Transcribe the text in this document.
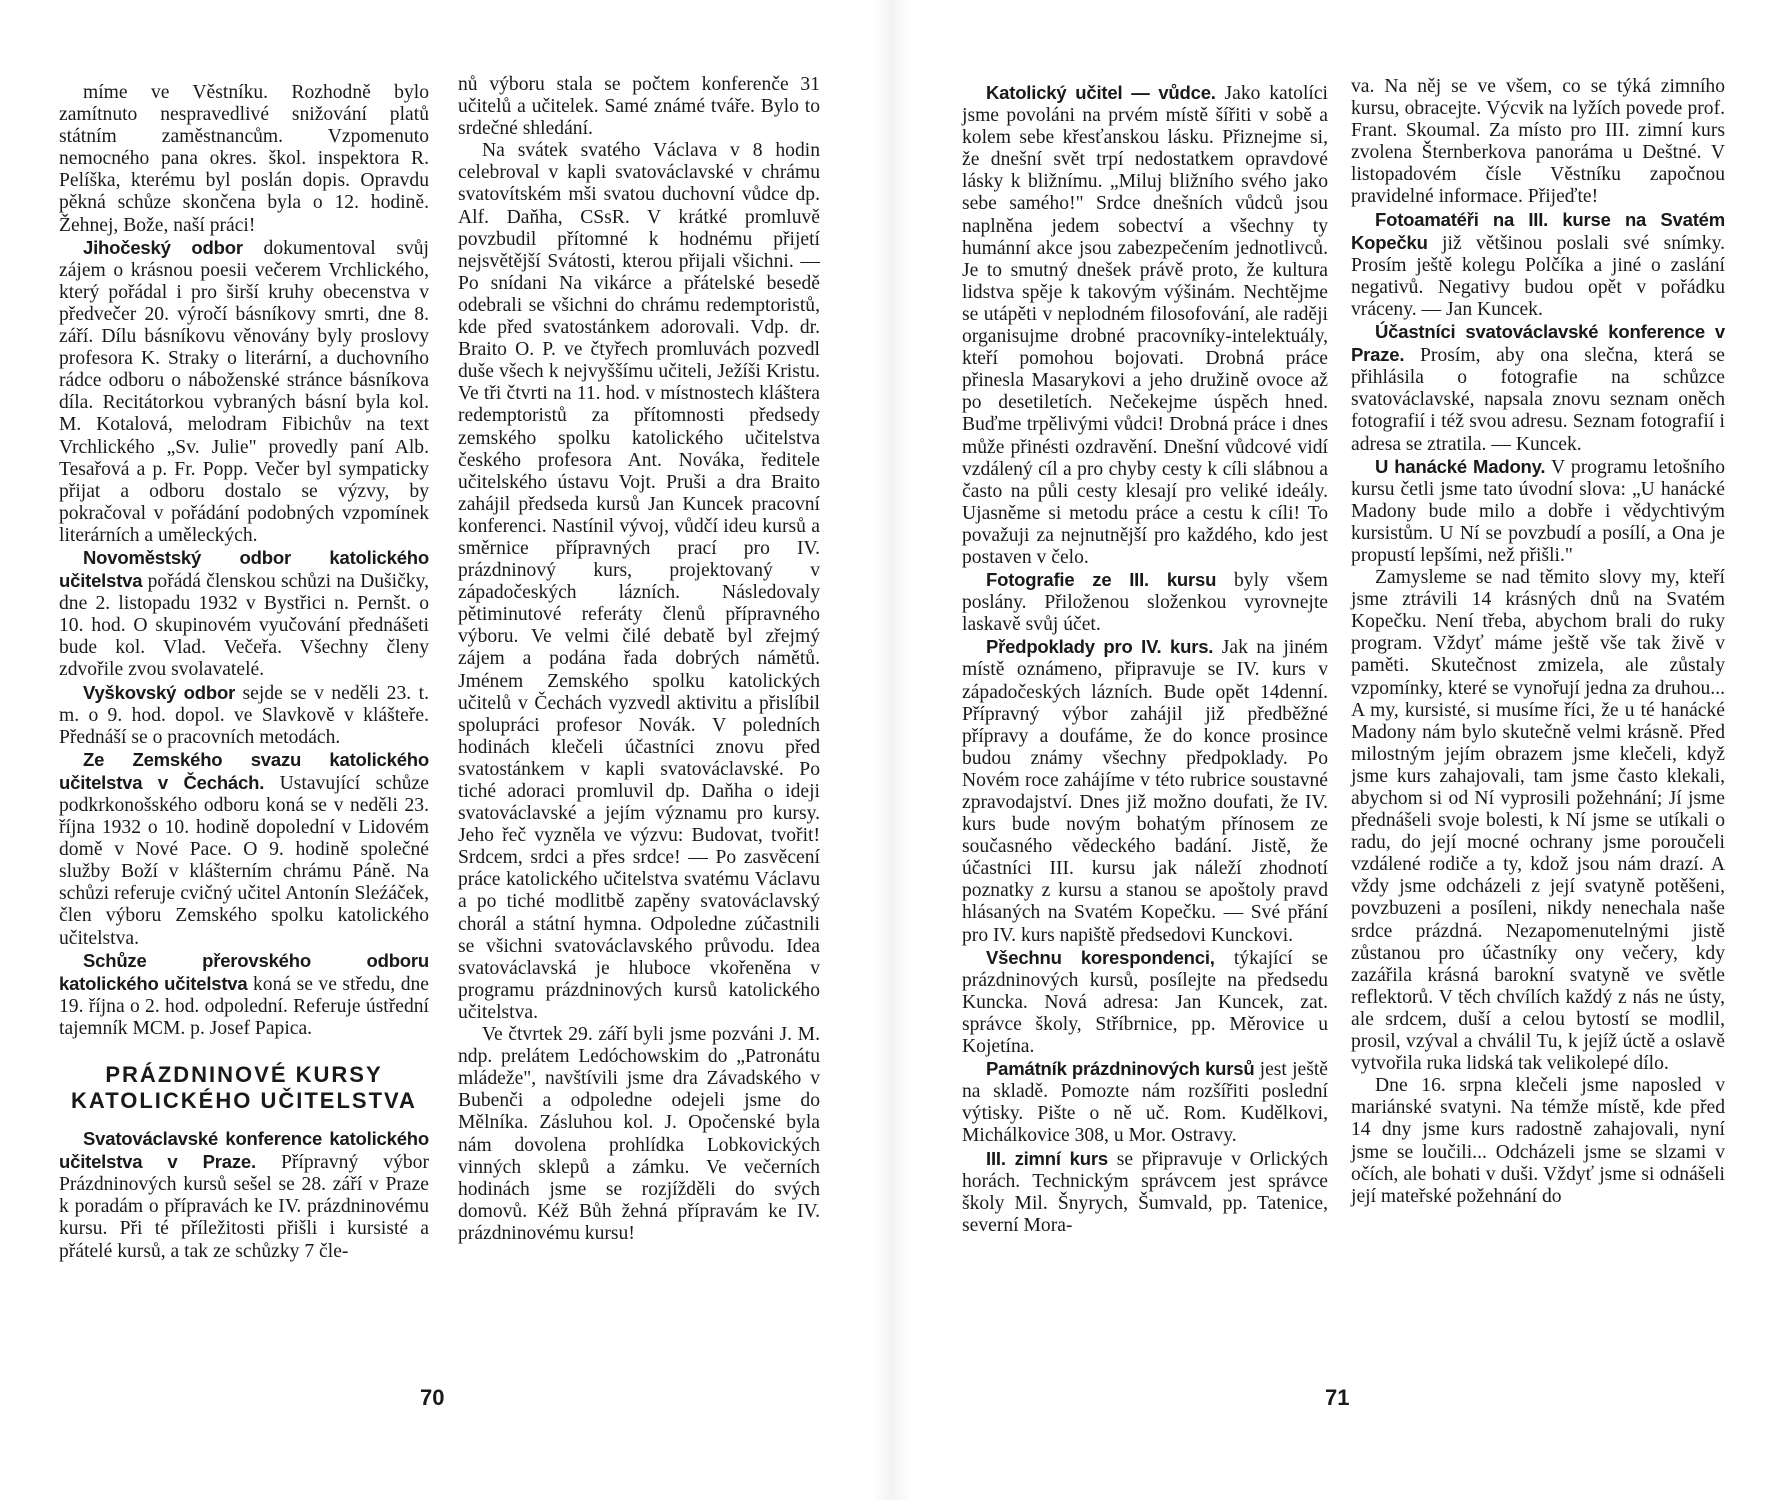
míme ve Věstníku. Rozhodně bylo zamítnuto nespravedlivé snižování platů státním zaměstnancům. Vzpomenuto nemocného pana okres. škol. inspektora R. Pelíška, kterému byl poslán dopis. Opravdu pěkná schůze skončena byla o 12. hodině. Žehnej, Bože, naší práci!

Jihočeský odbor dokumentoval svůj zájem o krásnou poesii večerem Vrchlického, který pořádal i pro širší kruhy obecenstva v předvečer 20. výročí básníkovy smrti, dne 8. září. Dílu básníkovu věnovány byly proslovy profesora K. Straky o literární, a duchovního rádce odboru o náboženské stránce básníkova díla. Recitátorkou vybraných básní byla kol. M. Kotalová, melodram Fibichův na text Vrchlického „Sv. Julie" provedly paní Alb. Tesařová a p. Fr. Popp. Večer byl sympaticky přijat a odboru dostalo se výzvy, by pokračoval v pořádání podobných vzpomínek literárních a uměleckých.

Novoměstský odbor katolického učitelstva pořádá členskou schůzi na Dušičky, dne 2. listopadu 1932 v Bystřici n. Pernšt. o 10. hod. O skupinovém vyučování přednášeti bude kol. Vlad. Večeřa. Všechny členy zdvořile zvou svolavatelé.

Vyškovský odbor sejde se v neděli 23. t. m. o 9. hod. dopol. ve Slavkově v klášteře. Přednáší se o pracovních metodách.

Ze Zemského svazu katolického učitelstva v Čechách. Ustavující schůze podkrkonošského odboru koná se v neděli 23. října 1932 o 10. hodině dopolední v Lidovém domě v Nové Pace. O 9. hodině společné služby Boží v klášterním chrámu Páně. Na schůzi referuje cvičný učitel Antonín Sleźáček, člen výboru Zemského spolku katolického učitelstva.

Schůze přerovského odboru katolického učitelstva koná se ve středu, dne 19. října o 2. hod. odpolední. Referuje ústřední tajemník MCM. p. Josef Papica.

PRÁZDNINOVÉ KURSY
KATOLICKÉHO UČITELSTVA

Svatováclavské konference katolického učitelstva v Praze. Přípravný výbor Prázdninových kursů sešel se 28. září v Praze k poradám o přípravách ke IV. prázdninovému kursu. Při té příležitosti přišli i kursisté a přátelé kursů, a tak ze schůzky 7 čle-

nů výboru stala se počtem konferenče 31 učitelů a učitelek. Samé známé tváře. Bylo to srdečné shledání.

Na svátek svatého Václava v 8 hodin celebroval v kapli svatováclavské v chrámu svatovítském mši svatou duchovní vůdce dp. Alf. Daňha, CSsR. V krátké promluvě povzbudil přítomné k hodnému přijetí nejsvětější Svátosti, kterou přijali všichni. — Po snídani Na vikárce a přátelské besedě odebrali se všichni do chrámu redemptoristů, kde před svatostánkem adorovali. Vdp. dr. Braito O. P. ve čtyřech promluvách pozvedl duše všech k nejvyššímu učiteli, Ježíši Kristu. Ve tři čtvrti na 11. hod. v místnostech kláštera redemptoristů za přítomnosti předsedy zemského spolku katolického učitelstva českého profesora Ant. Nováka, ředitele učitelského ústavu Vojt. Pruši a dra Braito zahájil předseda kursů Jan Kuncek pracovní konferenci. Nastínil vývoj, vůdčí ideu kursů a směrnice přípravných prací pro IV. prázdninový kurs, projektovaný v západočeských lázních. Následovaly pětiminutové referáty členů přípravného výboru. Ve velmi čilé debatě byl zřejmý zájem a podána řada dobrých námětů. Jménem Zemského spolku katolických učitelů v Čechách vyzvedl aktivitu a přislíbil spolupráci profesor Novák. V poledních hodinách klečeli účastníci znovu před svatostánkem v kapli svatováclavské. Po tiché adoraci promluvil dp. Daňha o ideji svatováclavské a jejím významu pro kursy. Jeho řeč vyzněla ve výzvu: Budovat, tvořit! Srdcem, srdci a přes srdce! — Po zasvěcení práce katolického učitelstva svatému Václavu a po tiché modlitbě zapěny svatováclavský chorál a státní hymna. Odpoledne zúčastnili se všichni svatováclavského průvodu. Idea svatováclavská je hluboce vkořeněna v programu prázdninových kursů katolického učitelstva.

Ve čtvrtek 29. září byli jsme pozváni J. M. ndp. prelátem Ledóchowskim do „Patronátu mládeže", navštívili jsme dra Závadského v Bubenči a odpoledne odejeli jsme do Mělníka. Zásluhou kol. J. Opočenské byla nám dovolena prohlídka Lobkovických vinných sklepů a zámku. Ve večerních hodinách jsme se rozjížděli do svých domovů. Kéž Bůh žehná přípravám ke IV. prázdninovému kursu!

Katolický učitel — vůdce. Jako katolíci jsme povoláni na prvém místě šířiti v sobě a kolem sebe křesťanskou lásku. Přiznejme si, že dnešní svět trpí nedostatkem opravdové lásky k bližnímu. „Miluj bližního svého jako sebe samého!" Srdce dnešních vůdců jsou naplněna jedem sobectví a všechny ty humánní akce jsou zabezpečením jednotlivců. Je to smutný dnešek právě proto, že kultura lidstva spěje k takovým výšinám. Nechtějme se utápěti v neplodném filosofování, ale raději organisujme drobné pracovníky-intelektuály, kteří pomohou bojovati. Drobná práce přinesla Masarykovi a jeho družině ovoce až po desetiletích. Nečekejme úspěch hned. Buďme trpělivými vůdci! Drobná práce i dnes může přinésti ozdravění. Dnešní vůdcové vidí vzdálený cíl a pro chyby cesty k cíli slábnou a často na půli cesty klesají pro veliké ideály. Ujasněme si metodu práce a cestu k cíli! To považuji za nejnutnější pro každého, kdo jest postaven v čelo.

Fotografie ze III. kursu byly všem poslány. Přiloženou složenkou vyrovnejte laskavě svůj účet.

Předpoklady pro IV. kurs. Jak na jiném místě oznámeno, připravuje se IV. kurs v západočeských lázních. Bude opět 14denní. Přípravný výbor zahájil již předběžné přípravy a doufáme, že do konce prosince budou známy všechny předpoklady. Po Novém roce zahájíme v této rubrice soustavné zpravodajství. Dnes již možno doufati, že IV. kurs bude novým bohatým přínosem ze současného vědeckého badání. Jistě, že účastníci III. kursu jak náleží zhodnotí poznatky z kursu a stanou se apoštoly pravd hlásaných na Svatém Kopečku. — Své přání pro IV. kurs napiště předsedovi Kunckovi.

Všechnu korespondenci, týkající se prázdninových kursů, posílejte na předsedu Kuncka. Nová adresa: Jan Kuncek, zat. správce školy, Stříbrnice, pp. Měrovice u Kojetína.

Památník prázdninových kursů jest ještě na skladě. Pomozte nám rozšířiti poslední výtisky. Pište o ně uč. Rom. Kudělkovi, Michálkovice 308, u Mor. Ostravy.

III. zimní kurs se připravuje v Orlických horách. Technickým správcem jest správce školy Mil. Šnyrych, Šumvald, pp. Tatenice, severní Mora-

va. Na něj se ve všem, co se týká zimního kursu, obracejte. Výcvik na lyžích povede prof. Frant. Skoumal. Za místo pro III. zimní kurs zvolena Šternberkova panoráma u Deštné. V listopadovém čísle Věstníku započnou pravidelné informace. Přijeďte!

Fotoamatéři na III. kurse na Svatém Kopečku již většinou poslali své snímky. Prosím ještě kolegu Polčíka a jiné o zaslání negativů. Negativy budou opět v pořádku vráceny. — Jan Kuncek.

Účastníci svatováclavské konference v Praze. Prosím, aby ona slečna, která se přihlásila o fotografie na schůzce svatováclavské, napsala znovu seznam oněch fotografií i též svou adresu. Seznam fotografií i adresa se ztratila. — Kuncek.

U hanácké Madony. V programu letošního kursu četli jsme tato úvodní slova: „U hanácké Madony bude milo a dobře i vědychtivým kursistům. U Ní se povzbudí a posílí, a Ona je propustí lepšími, než přišli."

Zamysleme se nad těmito slovy my, kteří jsme ztrávili 14 krásných dnů na Svatém Kopečku. Není třeba, abychom brali do ruky program. Vždyť máme ještě vše tak živě v paměti. Skutečnost zmizela, ale zůstaly vzpomínky, které se vynořují jedna za druhou... A my, kursisté, si musíme říci, že u té hanácké Madony nám bylo skutečně velmi krásně. Před milostným jejím obrazem jsme klečeli, když jsme kurs zahajovali, tam jsme často klekali, abychom si od Ní vyprosili požehnání; Jí jsme přednášeli svoje bolesti, k Ní jsme se utíkali o radu, do její mocné ochrany jsme poroučeli vzdálené rodiče a ty, kdož jsou nám drazí. A vždy jsme odcházeli z její svatyně potěšeni, povzbuzeni a posíleni, nikdy nenechala naše srdce prázdná. Nezapomenutelnými jistě zůstanou pro účastníky ony večery, kdy zazářila krásná barokní svatyně ve světle reflektorů. V těch chvílích každý z nás ne ústy, ale srdcem, duší a celou bytostí se modlil, prosil, vzýval a chválil Tu, k jejíž úctě a oslavě vytvořila ruka lidská tak velikolepé dílo.

Dne 16. srpna klečeli jsme naposled v mariánské svatyni. Na témže místě, kde před 14 dny jsme kurs radostně zahajovali, nyní jsme se loučili... Odcházeli jsme se slzami v očích, ale bohati v duši. Vždyť jsme si odnášeli její mateřské požehnání do

70	71
